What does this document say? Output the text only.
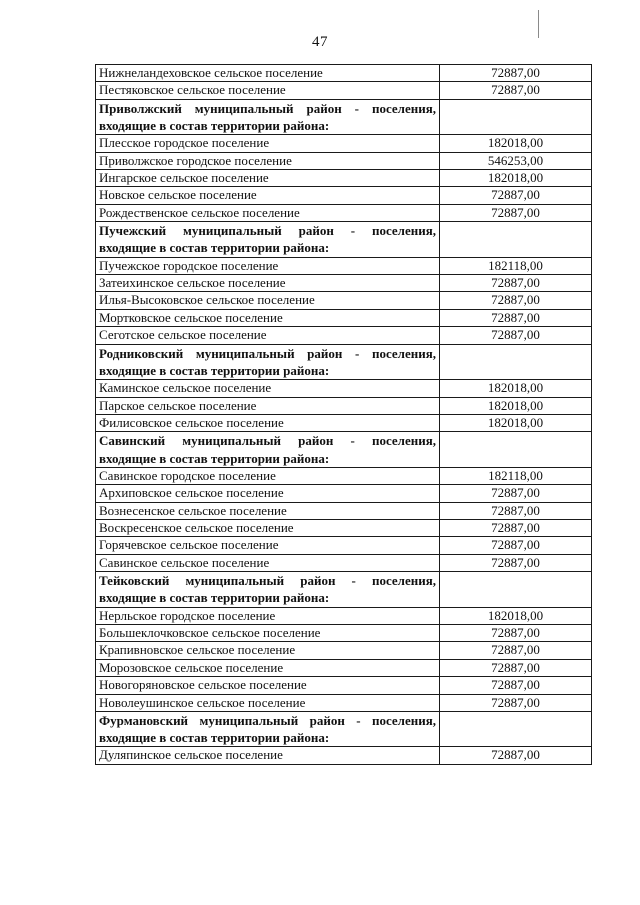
47
Нижнеландеховское сельское поселение	72887,00
Пестяковское сельское поселение	72887,00
Приволжский муниципальный район - поселения, входящие в состав территории района:	
Плесское городское поселение	182018,00
Приволжское городское поселение	546253,00
Ингарское сельское поселение	182018,00
Новское сельское поселение	72887,00
Рождественское сельское поселение	72887,00
Пучежский муниципальный район - поселения, входящие в состав территории района:	
Пучежское городское поселение	182118,00
Затеихинское сельское поселение	72887,00
Илья-Высоковское сельское поселение	72887,00
Мортковское сельское поселение	72887,00
Сеготское сельское поселение	72887,00
Родниковский муниципальный район - поселения, входящие в состав территории района:	
Каминское сельское поселение	182018,00
Парское сельское поселение	182018,00
Филисовское сельское поселение	182018,00
Савинский муниципальный район - поселения, входящие в состав территории района:	
Савинское городское поселение	182118,00
Архиповское сельское поселение	72887,00
Вознесенское сельское поселение	72887,00
Воскресенское сельское поселение	72887,00
Горячевское сельское поселение	72887,00
Савинское сельское поселение	72887,00
Тейковский муниципальный район - поселения, входящие в состав территории района:	
Нерльское городское поселение	182018,00
Большеклочковское сельское поселение	72887,00
Крапивновское сельское поселение	72887,00
Морозовское сельское поселение	72887,00
Новогоряновское сельское поселение	72887,00
Новолеушинское сельское поселение	72887,00
Фурмановский муниципальный район - поселения, входящие в состав территории района:	
Дуляпинское сельское поселение	72887,00
